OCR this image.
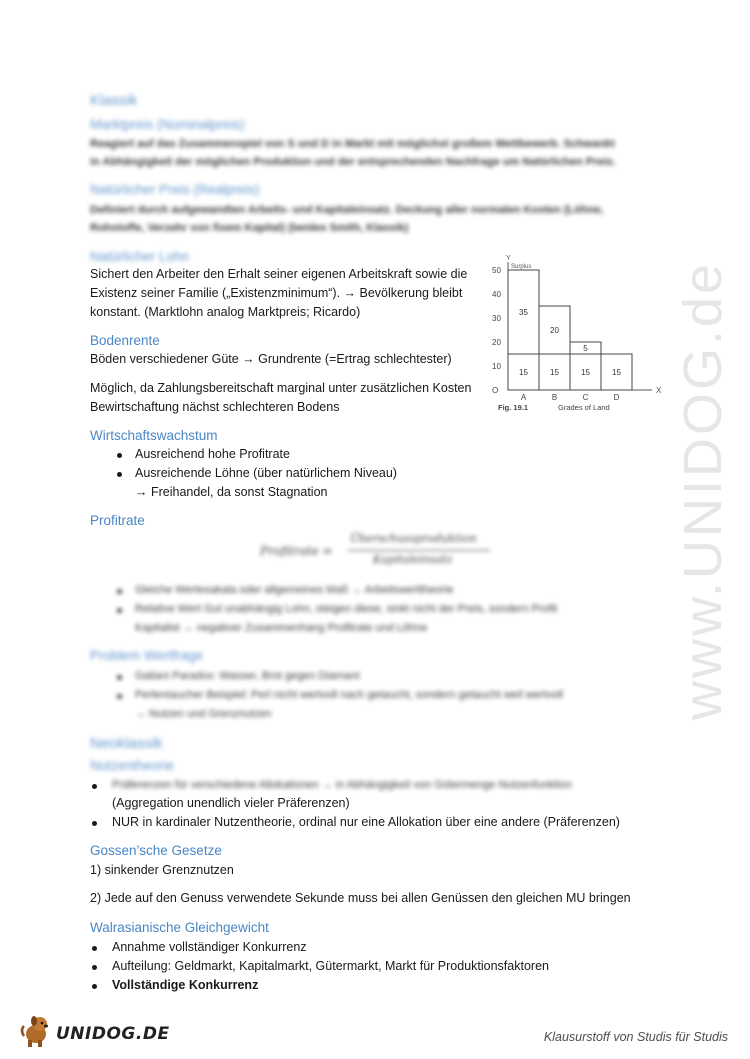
www.UNIDOG.de
Klassik
Marktpreis (Nominalpreis)
Reagiert auf das Zusammenspiel von S und D in Markt mit möglichst großem Wettbewerb. Schwankt
in Abhängigkeit der möglichen Produktion und der entsprechenden Nachfrage um Natürlichen Preis.
Natürlicher Preis (Realpreis)
Definiert durch aufgewandten Arbeits- und Kapitaleinsatz. Deckung aller normalen Kosten (Löhne,
Rohstoffe, Verzehr von fixem Kapital) (beides Smith, Klassik)
Natürlicher Lohn
Sichert den Arbeiter den Erhalt seiner eigenen Arbeitskraft sowie die
Existenz seiner Familie („Existenzminimum“). → Bevölkerung bleibt
konstant. (Marktlohn analog Marktpreis; Ricardo)
Bodenrente
Böden verschiedener Güte → Grundrente (=Ertrag schlechtester)
Möglich, da Zahlungsbereitschaft marginal unter zusätzlichen Kosten
Bewirtschaftung nächst schlechteren Bodens
Wirtschaftswachstum
Ausreichend hohe Profitrate
Ausreichende Löhne (über natürlichem Niveau)
→ Freihandel, da sonst Stagnation
Profitrate
Profitrate =
Überschussproduktion
Kapitaleinsatz
Gleiche Wertesakala oder allgemeines Maß → Arbeitswerttheorie
Relative Wert Gut unabhängig Lohn, steigen diese, sinkt nicht der Preis, sondern Profit
Kapitalist → negativer Zusammenhang Profitrate und Löhne
Problem Wertfrage
Galiani Paradox: Wasser, Brot gegen Diamant
Perlentaucher Beispiel: Perl nicht wertvoll nach getaucht, sondern getaucht weil wertvoll
→ Nutzen und Grenznutzen
Neoklassik
Nutzentheorie
Präferenzen für verschiedene Allokationen → in Abhängigkeit von Gütermenge Nutzenfunktion
(Aggregation unendlich vieler Präferenzen)
NUR in kardinaler Nutzentheorie, ordinal nur eine Allokation über eine andere (Präferenzen)
Gossen’sche Gesetze
1) sinkender Grenznutzen
2) Jede auf den Genuss verwendete Sekunde muss bei allen Genüssen den gleichen MU bringen
Walrasianische Gleichgewicht
Annahme vollständiger Konkurrenz
Aufteilung: Geldmarkt, Kapitalmarkt, Gütermarkt, Markt für Produktionsfaktoren
Vollständige Konkurrenz
X
Y
O
10
20
30
40
50
15
35
A
15
20
B
15
5
C
15
D
Surplus
Fig. 19.1	Grades of Land
UNIDOG.DE	Klausurstoff von Studis für Studis
